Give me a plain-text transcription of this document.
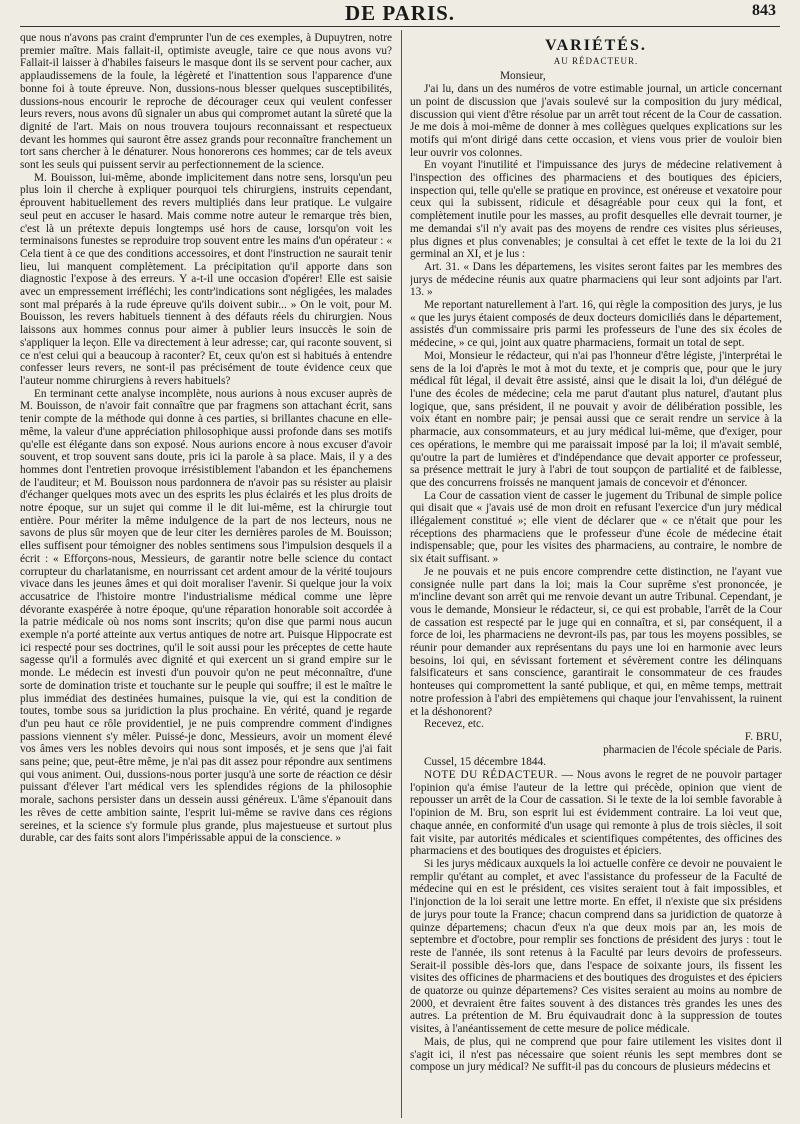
DE PARIS.	843

que nous n'avons pas craint d'emprunter l'un de ces exemples, à Dupuytren, notre premier maître. Mais fallait-il, optimiste aveugle, taire ce que nous avons vu? Fallait-il laisser à d'habiles faiseurs le masque dont ils se servent pour cacher, aux applaudissemens de la foule, la légèreté et l'inattention sous l'apparence d'une bonne foi à toute épreuve. Non, dussions-nous blesser quelques susceptibilités, dussions-nous encourir le reproche de décourager ceux qui veulent confesser leurs revers, nous avons dû signaler un abus qui compromet autant la sûreté que la dignité de l'art. Mais on nous trouvera toujours reconnaissant et respectueux devant les hommes qui sauront être assez grands pour reconnaître franchement un tort sans chercher à le dénaturer. Nous honorerons ces hommes; car de tels aveux sont les seuls qui puissent servir au perfectionnement de la science.

M. Bouisson, lui-même, abonde implicitement dans notre sens, lorsqu'un peu plus loin il cherche à expliquer pourquoi tels chirurgiens, instruits cependant, éprouvent habituellement des revers multipliés dans leur pratique. Le vulgaire seul peut en accuser le hasard. Mais comme notre auteur le remarque très bien, c'est là un prétexte depuis longtemps usé hors de cause, lorsqu'on voit les terminaisons funestes se reproduire trop souvent entre les mains d'un opérateur : « Cela tient à ce que des conditions accessoires, et dont l'instruction ne saurait tenir lieu, lui manquent complètement. La précipitation qu'il apporte dans son diagnostic l'expose à des erreurs. Y a-t-il une occasion d'opérer! Elle est saisie avec un empressement irréfléchi; les contr'indications sont négligées, les malades sont mal préparés à la rude épreuve qu'ils doivent subir... » On le voit, pour M. Bouisson, les revers habituels tiennent à des défauts réels du chirurgien. Nous laissons aux hommes connus pour aimer à publier leurs insuccès le soin de s'appliquer la leçon. Elle va directement à leur adresse; car, qui raconte souvent, si ce n'est celui qui a beaucoup à raconter? Et, ceux qu'on est si habitués à entendre confesser leurs revers, ne sont-il pas précisément de toute évidence ceux que l'auteur nomme chirurgiens à revers habituels?

En terminant cette analyse incomplète, nous aurions à nous excuser auprès de M. Bouisson, de n'avoir fait connaître que par fragmens son attachant écrit, sans tenir compte de la méthode qui donne à ces parties, si brillantes chacune en elle-même, la valeur d'une appréciation philosophique aussi profonde dans ses motifs qu'elle est élégante dans son exposé. Nous aurions encore à nous excuser d'avoir souvent, et trop souvent sans doute, pris ici la parole à sa place. Mais, il y a des hommes dont l'entretien provoque irrésistiblement l'abandon et les épanchemens de l'auditeur; et M. Bouisson nous pardonnera de n'avoir pas su résister au plaisir d'échanger quelques mots avec un des esprits les plus éclairés et les plus droits de notre époque, sur un sujet qui comme il le dit lui-même, est la chirurgie tout entière. Pour mériter la même indulgence de la part de nos lecteurs, nous ne savons de plus sûr moyen que de leur citer les dernières paroles de M. Bouisson; elles suffisent pour témoigner des nobles sentimens sous l'impulsion desquels il a écrit : « Efforçons-nous, Messieurs, de garantir notre belle science du contact corrupteur du charlatanisme, en nourrissant cet ardent amour de la vérité toujours vivace dans les jeunes âmes et qui doit moraliser l'avenir. Si quelque jour la voix accusatrice de l'histoire montre l'industrialisme médical comme une lèpre dévorante exaspérée à notre époque, qu'une réparation honorable soit accordée à la patrie médicale où nos noms sont inscrits; qu'on dise que parmi nous aucun exemple n'a porté atteinte aux vertus antiques de notre art. Puisque Hippocrate est ici respecté pour ses doctrines, qu'il le soit aussi pour les préceptes de cette haute sagesse qu'il a formulés avec dignité et qui exercent un si grand empire sur le monde. Le médecin est investi d'un pouvoir qu'on ne peut méconnaître, d'une sorte de domination triste et touchante sur le peuple qui souffre; il est le maître le plus immédiat des destinées humaines, puisque la vie, qui est la condition de toutes, tombe sous sa juridiction la plus prochaine. En vérité, quand je regarde d'un peu haut ce rôle providentiel, je ne puis comprendre comment d'indignes passions viennent s'y mêler. Puissé-je donc, Messieurs, avoir un moment élevé vos âmes vers les nobles devoirs qui nous sont imposés, et je sens que j'ai fait sans peine; que, peut-être même, je n'ai pas dit assez pour répondre aux sentimens qui vous animent. Oui, dussions-nous porter jusqu'à une sorte de réaction ce désir puissant d'élever l'art médical vers les splendides régions de la philosophie morale, sachons persister dans un dessein aussi généreux. L'âme s'épanouit dans les rêves de cette ambition sainte, l'esprit lui-même se ravive dans ces régions sereines, et la science s'y formule plus grande, plus majestueuse et surtout plus durable, car des faits sont alors l'impérissable appui de la conscience. »

VARIÉTÉS.
AU RÉDACTEUR.

Monsieur,

J'ai lu, dans un des numéros de votre estimable journal, un article concernant un point de discussion que j'avais soulevé sur la composition du jury médical, discussion qui vient d'être résolue par un arrêt tout récent de la Cour de cassation. Je me dois à moi-même de donner à mes collègues quelques explications sur les motifs qui m'ont dirigé dans cette occasion, et viens vous prier de vouloir bien leur ouvrir vos colonnes.

En voyant l'inutilité et l'impuissance des jurys de médecine relativement à l'inspection des officines des pharmaciens et des boutiques des épiciers, inspection qui, telle qu'elle se pratique en province, est onéreuse et vexatoire pour ceux qui la subissent, ridicule et désagréable pour ceux qui la font, et complètement inutile pour les masses, au profit desquelles elle devrait tourner, je me demandai s'il n'y avait pas des moyens de rendre ces visites plus sérieuses, plus dignes et plus convenables; je consultai à cet effet le texte de la loi du 21 germinal an XI, et je lus :

Art. 31. « Dans les départemens, les visites seront faites par les membres des jurys de médecine réunis aux quatre pharmaciens qui leur sont adjoints par l'art. 13. »

Me reportant naturellement à l'art. 16, qui règle la composition des jurys, je lus « que les jurys étaient composés de deux docteurs domiciliés dans le département, assistés d'un commissaire pris parmi les professeurs de l'une des six écoles de médecine, » ce qui, joint aux quatre pharmaciens, formait un total de sept.

Moi, Monsieur le rédacteur, qui n'ai pas l'honneur d'être légiste, j'interprétai le sens de la loi d'après le mot à mot du texte, et je compris que, pour que le jury médical fût légal, il devait être assisté, ainsi que le disait la loi, d'un délégué de l'une des écoles de médecine; cela me parut d'autant plus naturel, d'autant plus logique, que, sans président, il ne pouvait y avoir de délibération possible, les voix étant en nombre pair; je pensai aussi que ce serait rendre un service à la pharmacie, aux consommateurs, et au jury médical lui-même, que d'exiger, pour ces opérations, le membre qui me paraissait imposé par la loi; il m'avait semblé, qu'outre la part de lumières et d'indépendance que devait apporter ce professeur, sa présence mettrait le jury à l'abri de tout soupçon de partialité et de faiblesse, que des concurrens froissés ne manquent jamais de concevoir et d'énoncer.

La Cour de cassation vient de casser le jugement du Tribunal de simple police qui disait que « j'avais usé de mon droit en refusant l'exercice d'un jury médical illégalement constitué »; elle vient de déclarer que « ce n'était que pour les réceptions des pharmaciens que le professeur d'une école de médecine était indispensable; que, pour les visites des pharmaciens, au contraire, le nombre de six était suffisant. »

Je ne pouvais et ne puis encore comprendre cette distinction, ne l'ayant vue consignée nulle part dans la loi; mais la Cour suprême s'est prononcée, je m'incline devant son arrêt qui me renvoie devant un autre Tribunal. Cependant, je vous le demande, Monsieur le rédacteur, si, ce qui est probable, l'arrêt de la Cour de cassation est respecté par le juge qui en connaîtra, et si, par conséquent, il a force de loi, les pharmaciens ne devront-ils pas, par tous les moyens possibles, se réunir pour demander aux représentans du pays une loi en harmonie avec leurs besoins, loi qui, en sévissant fortement et sévèrement contre les délinquans falsificateurs et sans conscience, garantirait le consommateur de ces fraudes honteuses qui compromettent la santé publique, et qui, en même temps, mettrait notre profession à l'abri des empiètemens qui chaque jour l'envahissent, la ruinent et la déshonorent?

Recevez, etc.

F. BRU,
pharmacien de l'école spéciale de Paris.

Cussel, 15 décembre 1844.

NOTE DU RÉDACTEUR. — Nous avons le regret de ne pouvoir partager l'opinion qu'a émise l'auteur de la lettre qui précède, opinion que vient de repousser un arrêt de la Cour de cassation. Si le texte de la loi semble favorable à l'opinion de M. Bru, son esprit lui est évidemment contraire. La loi veut que, chaque année, en conformité d'un usage qui remonte à plus de trois siècles, il soit fait visite, par autorités médicales et scientifiques compétentes, des officines des pharmaciens et des boutiques des droguistes et épiciers.

Si les jurys médicaux auxquels la loi actuelle confère ce devoir ne pouvaient le remplir qu'étant au complet, et avec l'assistance du professeur de la Faculté de médecine qui en est le président, ces visites seraient tout à fait impossibles, et l'injonction de la loi serait une lettre morte. En effet, il n'existe que six présidens de jurys pour toute la France; chacun comprend dans sa juridiction de quatorze à quinze départemens; chacun d'eux n'a que deux mois par an, les mois de septembre et d'octobre, pour remplir ses fonctions de président des jurys : tout le reste de l'année, ils sont retenus à la Faculté par leurs devoirs de professeurs. Serait-il possible dès-lors que, dans l'espace de soixante jours, ils fissent les visites des officines de pharmaciens et des boutiques des droguistes et des épiciers de quatorze ou quinze départemens? Ces visites seraient au moins au nombre de 2000, et devraient être faites souvent à des distances très grandes les unes des autres. La prétention de M. Bru équivaudrait donc à la suppression de toutes visites, à l'anéantissement de cette mesure de police médicale.

Mais, de plus, qui ne comprend que pour faire utilement les visites dont il s'agit ici, il n'est pas nécessaire que soient réunis les sept membres dont se compose un jury médical? Ne suffit-il pas du concours de plusieurs médecins et
